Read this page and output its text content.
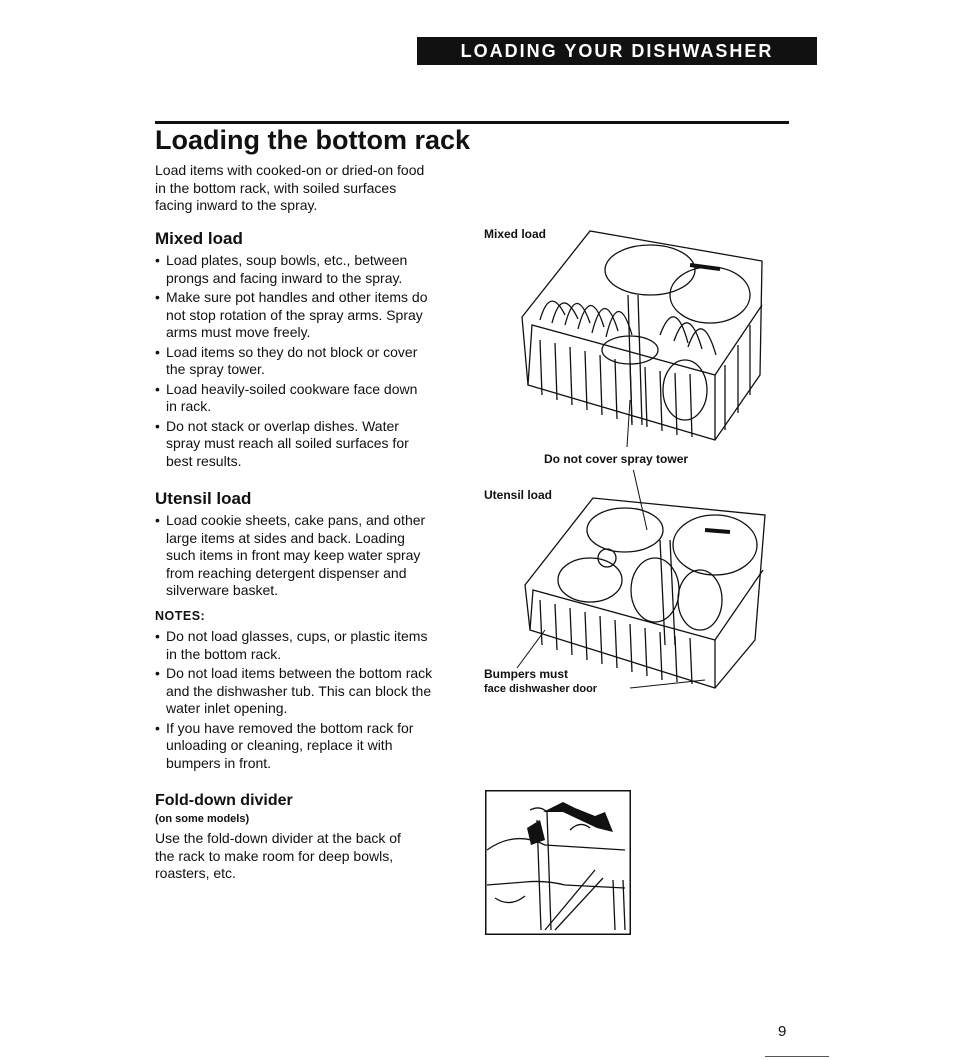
LOADING YOUR DISHWASHER
Loading the bottom rack

Load items with cooked-on or dried-on food

in the bottom rack, with soiled surfaces

facing inward to the spray.

Mixed load
• Load plates, soup bowls, etc., between
prongs and facing inward to the spray.
• Make sure pot handles and other items do
not stop rotation of the spray arms. Spray
arms must move freely.
• Load items so they do not block or cover
the spray tower.
• Load heavily-soiled cookware face down
in rack.
• Do not stack or overlap dishes. Water
spray must reach all soiled surfaces for
best results.
Utensil load
• Load cookie sheets, cake pans, and other
large items at sides and back. Loading
such items in front may keep water spray
from reaching detergent dispenser and
silverware basket.

NOTES:

• Do not load glasses, cups, or plastic items
in the bottom rack.
• Do not load items between the bottom rack
and the dishwasher tub. This can block the
water inlet opening.
• If you have removed the bottom rack for
unloading or cleaning, replace it with
bumpers in front.
Fold-down divider

(on some models)

Use the fold-down divider at the back of

the rack to make room for deep bowls,

roasters, etc.

Mixed load
Do not cover spray tower
Utensil load
Bumpers must
face dishwasher door
9
